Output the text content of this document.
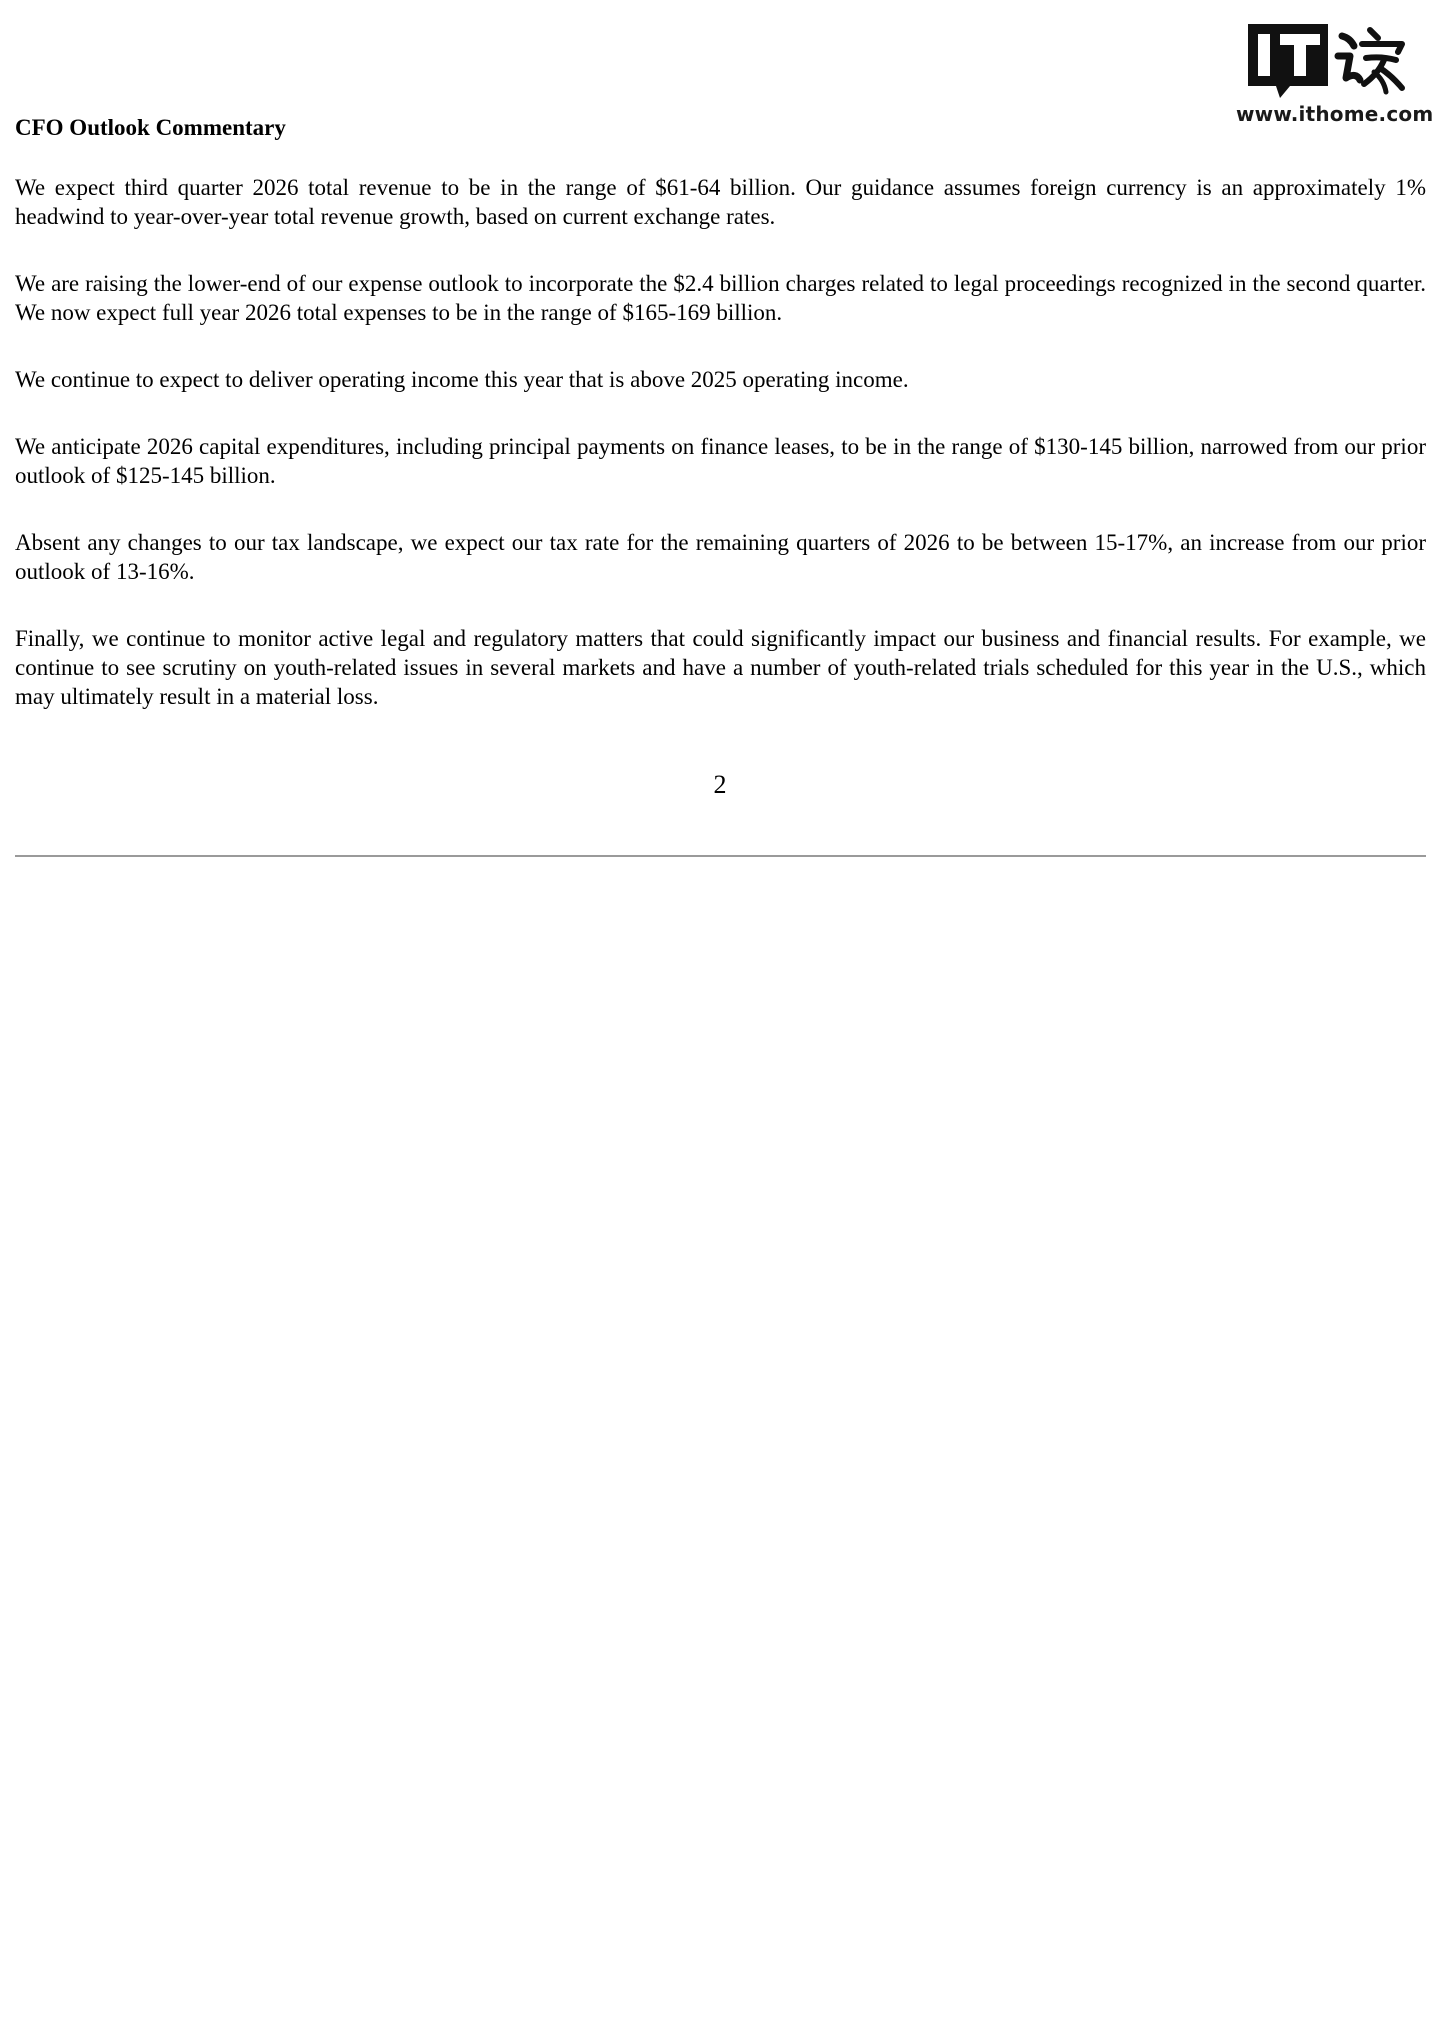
www.ithome.com

CFO Outlook Commentary

We expect third quarter 2026 total revenue to be in the range of $61-64 billion. Our guidance assumes foreign currency is an approximately 1% headwind to year-over-year total revenue growth, based on current exchange rates.

We are raising the lower-end of our expense outlook to incorporate the $2.4 billion charges related to legal proceedings recognized in the second quarter. We now expect full year 2026 total expenses to be in the range of $165-169 billion.

We continue to expect to deliver operating income this year that is above 2025 operating income.

We anticipate 2026 capital expenditures, including principal payments on finance leases, to be in the range of $130-145 billion, narrowed from our prior outlook of $125-145 billion.

Absent any changes to our tax landscape, we expect our tax rate for the remaining quarters of 2026 to be between 15-17%, an increase from our prior outlook of 13-16%.

Finally, we continue to monitor active legal and regulatory matters that could significantly impact our business and financial results. For example, we continue to see scrutiny on youth-related issues in several markets and have a number of youth-related trials scheduled for this year in the U.S., which may ultimately result in a material loss.

2
